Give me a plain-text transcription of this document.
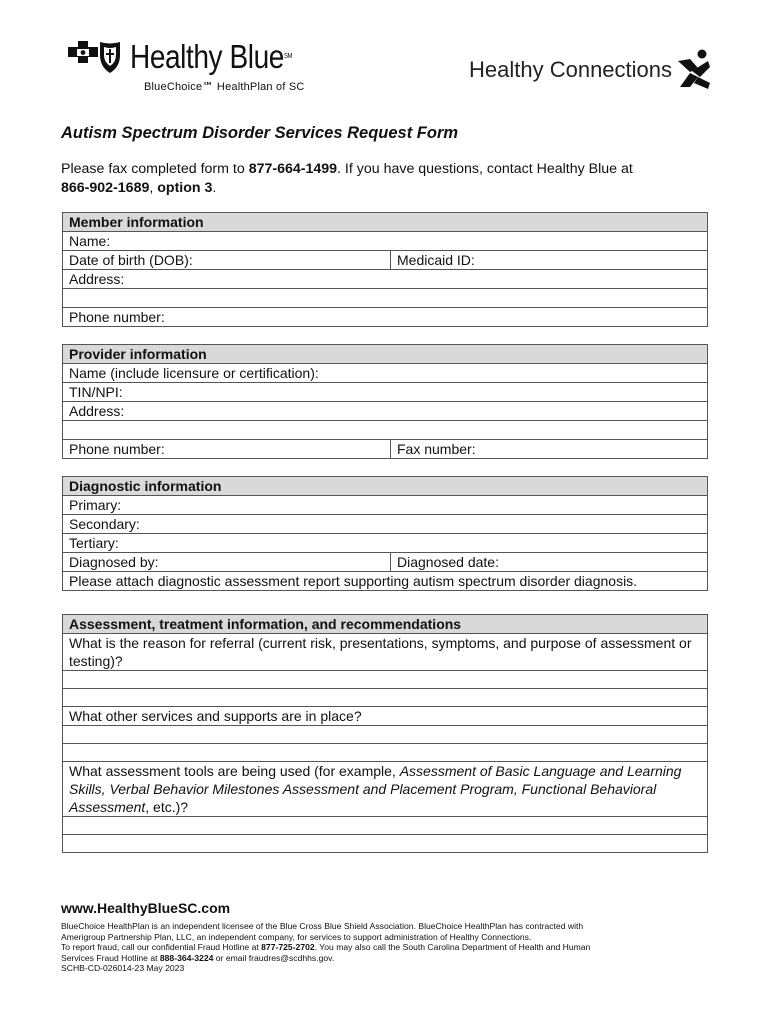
Healthy Blue℠
BlueChoice℠ HealthPlan of SC
Healthy Connections
Autism Spectrum Disorder Services Request Form
Please fax completed form to 877-664-1499. If you have questions, contact Healthy Blue at
866-902-1689, option 3.
Member information
Name:
Date of birth (DOB):	Medicaid ID:
Address:
Phone number:
Provider information
Name (include licensure or certification):
TIN/NPI:
Address:
Phone number:	Fax number:
Diagnostic information
Primary:
Secondary:
Tertiary:
Diagnosed by:	Diagnosed date:
Please attach diagnostic assessment report supporting autism spectrum disorder diagnosis.
Assessment, treatment information, and recommendations
What is the reason for referral (current risk, presentations, symptoms, and purpose of assessment or testing)?
What other services and supports are in place?
What assessment tools are being used (for example, Assessment of Basic Language and Learning Skills, Verbal Behavior Milestones Assessment and Placement Program, Functional Behavioral Assessment, etc.)?
www.HealthyBlueSC.com
BlueChoice HealthPlan is an independent licensee of the Blue Cross Blue Shield Association. BlueChoice HealthPlan has contracted with
Amerigroup Partnership Plan, LLC, an independent company, for services to support administration of Healthy Connections.
To report fraud, call our confidential Fraud Hotline at 877-725-2702. You may also call the South Carolina Department of Health and Human
Services Fraud Hotline at 888-364-3224 or email fraudres@scdhhs.gov.
SCHB-CD-026014-23 May 2023
